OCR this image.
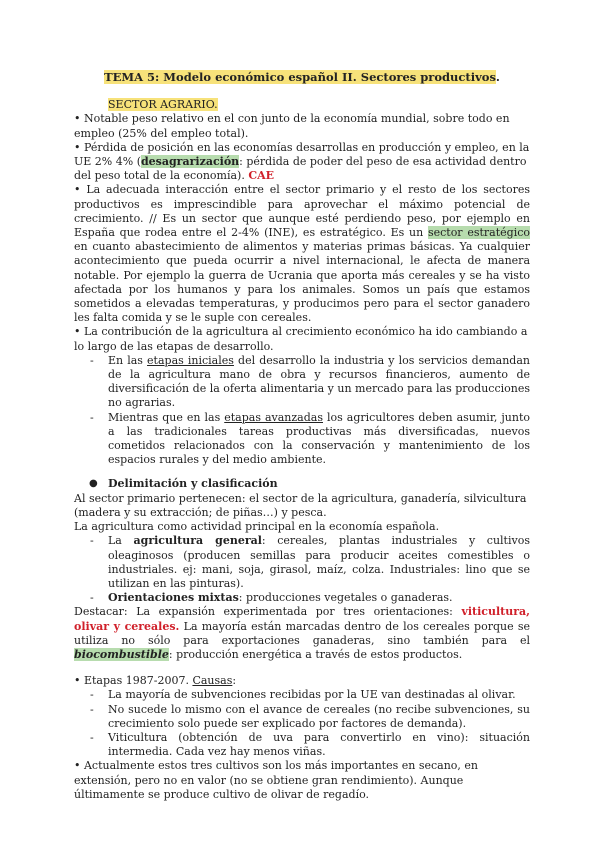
TEMA 5: Modelo económico español II. Sectores productivos.

SECTOR AGRARIO.

• Notable peso relativo en el con junto de la economía mundial, sobre todo en empleo (25% del empleo total).

• Pérdida de posición en las economías desarrollas en producción y empleo, en la UE 2% 4% (desagrarización: pérdida de poder del peso de esa actividad dentro del peso total de la economía). CAE

• La adecuada interacción entre el sector primario y el resto de los sectores productivos es imprescindible para aprovechar el máximo potencial de crecimiento. // Es un sector que aunque esté perdiendo peso, por ejemplo en España que rodea entre el 2-4% (INE), es estratégico. Es un sector estratégico en cuanto abastecimiento de alimentos y materias primas básicas. Ya cualquier acontecimiento que pueda ocurrir a nivel internacional, le afecta de manera notable. Por ejemplo la guerra de Ucrania que aporta más cereales y se ha visto afectada por los humanos y para los animales. Somos un país que estamos sometidos a elevadas temperaturas, y producimos pero para el sector ganadero les falta comida y se le suple con cereales.

• La contribución de la agricultura al crecimiento económico ha ido cambiando a lo largo de las etapas de desarrollo.

- En las etapas iniciales del desarrollo la industria y los servicios demandan de la agricultura mano de obra y recursos financieros, aumento de diversificación de la oferta alimentaria y un mercado para las producciones no agrarias.

- Mientras que en las etapas avanzadas los agricultores deben asumir, junto a las tradicionales tareas productivas más diversificadas, nuevos cometidos relacionados con la conservación y mantenimiento de los espacios rurales y del medio ambiente.

● Delimitación y clasificación

Al sector primario pertenecen: el sector de la agricultura, ganadería, silvicultura (madera y su extracción; de piñas…) y pesca.

La agricultura como actividad principal en la economía española.

- La agricultura general: cereales, plantas industriales y cultivos oleaginosos (producen semillas para producir aceites comestibles o industriales. ej: mani, soja, girasol, maíz, colza. Industriales: lino que se utilizan en las pinturas).

- Orientaciones mixtas: producciones vegetales o ganaderas.

Destacar: La expansión experimentada por tres orientaciones: viticultura, olivar y cereales. La mayoría están marcadas dentro de los cereales porque se utiliza no sólo para exportaciones ganaderas, sino también para el biocombustible: producción energética a través de estos productos.

• Etapas 1987-2007. Causas:

- La mayoría de subvenciones recibidas por la UE van destinadas al olivar.

- No sucede lo mismo con el avance de cereales (no recibe subvenciones, su crecimiento solo puede ser explicado por factores de demanda).

- Viticultura (obtención de uva para convertirlo en vino): situación intermedia. Cada vez hay menos viñas.

• Actualmente estos tres cultivos son los más importantes en secano, en extensión, pero no en valor (no se obtiene gran rendimiento). Aunque últimamente se produce cultivo de olivar de regadío.
